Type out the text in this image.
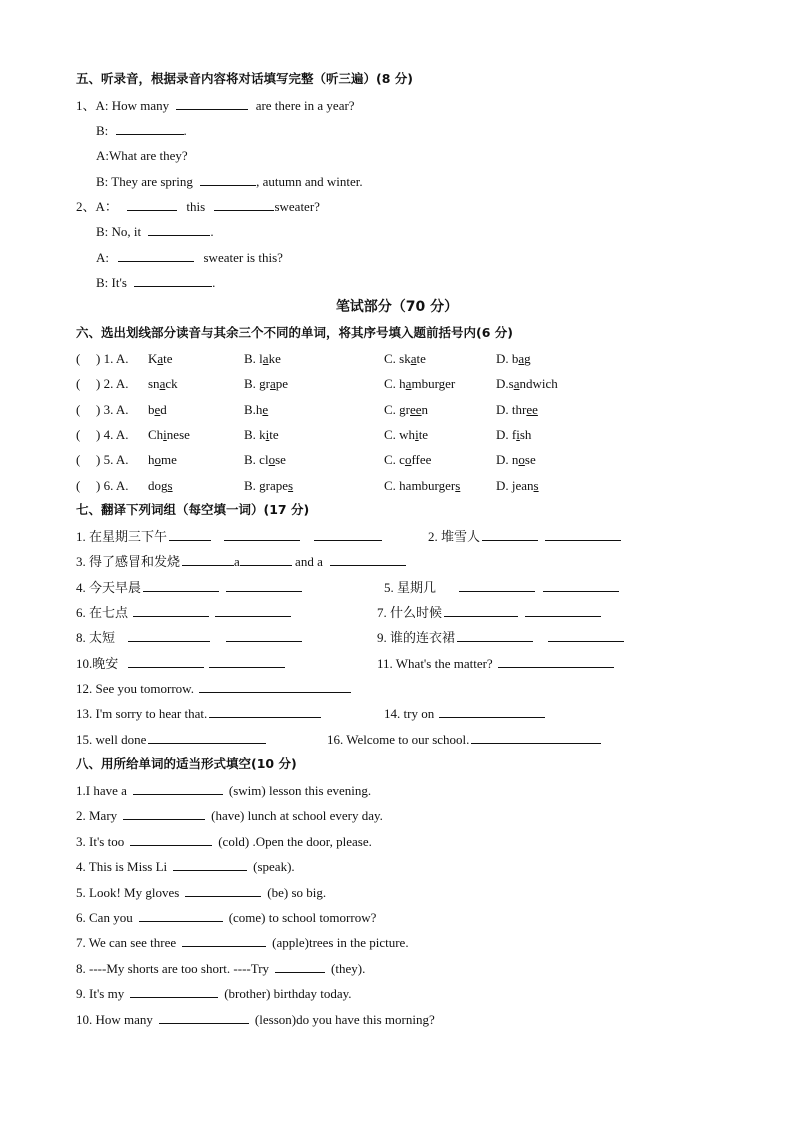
五、听录音，根据录音内容将对话填写完整（听三遍）(8 分)
1、A: How many	are there in a year?
B:	.
A:What are they?
B: They are spring	, autumn and winter.
2、A：	this	sweater?
B: No, it	.
A:	sweater is this?
B: It's	.
笔试部分（70 分）
六、选出划线部分读音与其余三个不同的单词，将其序号填入题前括号内(6 分)
( ) 1. A. Kate	B. lake	C. skate	D. bag
( ) 2. A. snack	B. grape	C. hamburger	D.sandwich
( ) 3. A. bed	B.he	C. green	D. three
( ) 4. A. Chinese	B. kite	C. white	D. fish
( ) 5. A. home	B. close	C. coffee	D. nose
( ) 6. A. dogs	B. grapes	C. hamburgers	D. jeans
七、翻译下列词组（每空填一词）(17 分)
1. 在星期三下午	2. 堆雪人
3. 得了感冒和发烧	a	and a
4. 今天早晨	5. 星期几
6. 在七点	7. 什么时候
8. 太短	9. 谁的连衣裙
10.晚安	11. What's the matter?
12. See you tomorrow.
13. I'm sorry to hear that.	14. try on
15. well done	16. Welcome to our school.
八、用所给单词的适当形式填空(10 分)
1.I have a	(swim) lesson this evening.
2. Mary	(have) lunch at school every day.
3. It's too	(cold) .Open the door, please.
4. This is Miss Li	(speak).
5. Look! My gloves	(be) so big.
6. Can you	(come) to school tomorrow?
7. We can see three	(apple)trees in the picture.
8. ----My shorts are too short. ----Try	(they).
9. It's my	(brother) birthday today.
10. How many	(lesson)do you have this morning?
